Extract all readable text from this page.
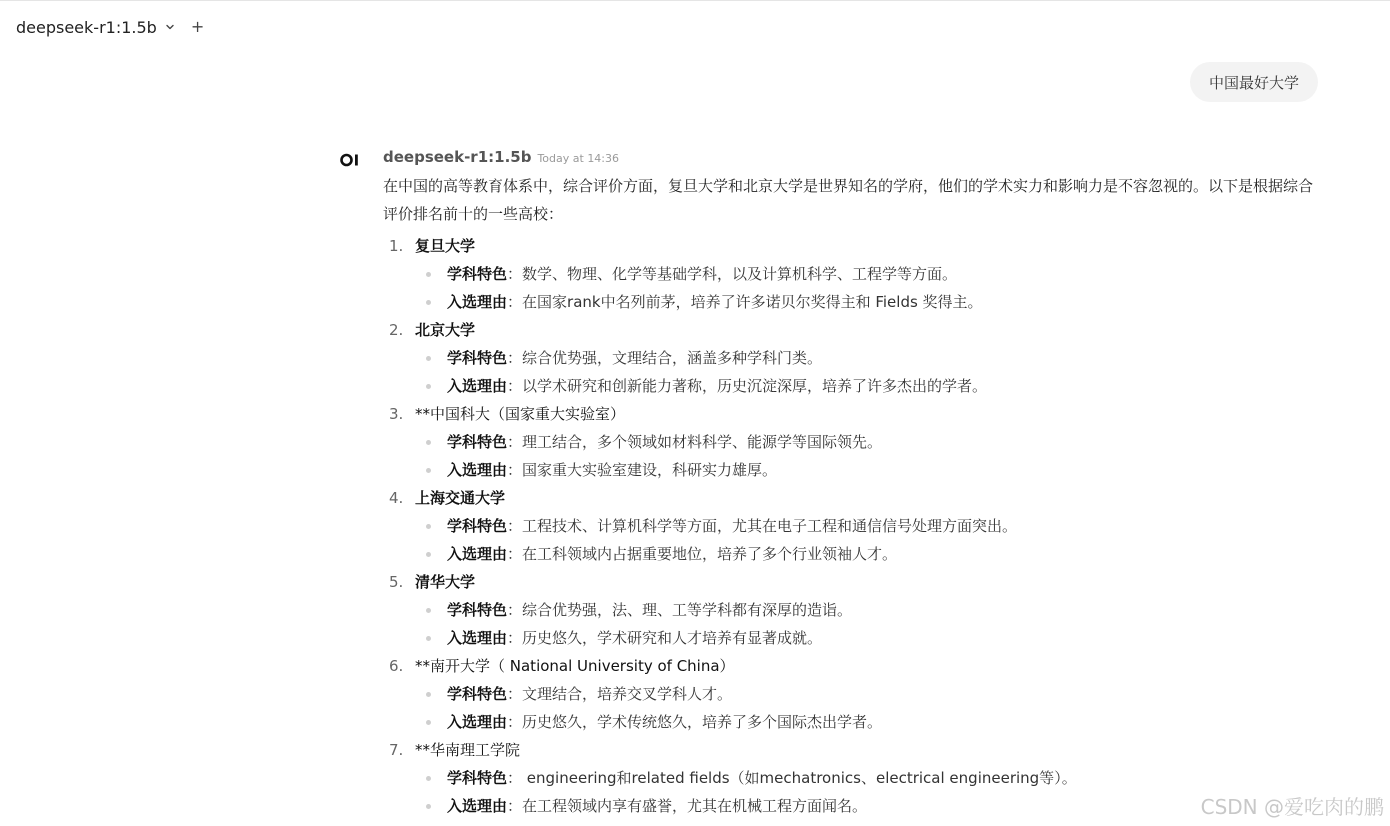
deepseek-r1:1.5b +
中国最好大学
deepseek-r1:1.5b Today at 14:36
在中国的高等教育体系中，综合评价方面，复旦大学和北京大学是世界知名的学府，他们的学术实力和影响力是不容忽视的。以下是根据综合评价排名前十的一些高校：
1. 复旦大学
学科特色：数学、物理、化学等基础学科，以及计算机科学、工程学等方面。
入选理由：在国家rank中名列前茅，培养了许多诺贝尔奖得主和 Fields 奖得主。
2. 北京大学
学科特色：综合优势强，文理结合，涵盖多种学科门类。
入选理由：以学术研究和创新能力著称，历史沉淀深厚，培养了许多杰出的学者。
3. **中国科大（国家重大实验室）
学科特色：理工结合，多个领域如材料科学、能源学等国际领先。
入选理由：国家重大实验室建设，科研实力雄厚。
4. 上海交通大学
学科特色：工程技术、计算机科学等方面，尤其在电子工程和通信信号处理方面突出。
入选理由：在工科领域内占据重要地位，培养了多个行业领袖人才。
5. 清华大学
学科特色：综合优势强，法、理、工等学科都有深厚的造诣。
入选理由：历史悠久，学术研究和人才培养有显著成就。
6. **南开大学（ National University of China）
学科特色：文理结合，培养交叉学科人才。
入选理由：历史悠久，学术传统悠久，培养了多个国际杰出学者。
7. **华南理工学院
学科特色： engineering和related fields（如mechatronics、electrical engineering等）。
入选理由：在工程领域内享有盛誉，尤其在机械工程方面闻名。	CSDN @爱吃肉的鹏
